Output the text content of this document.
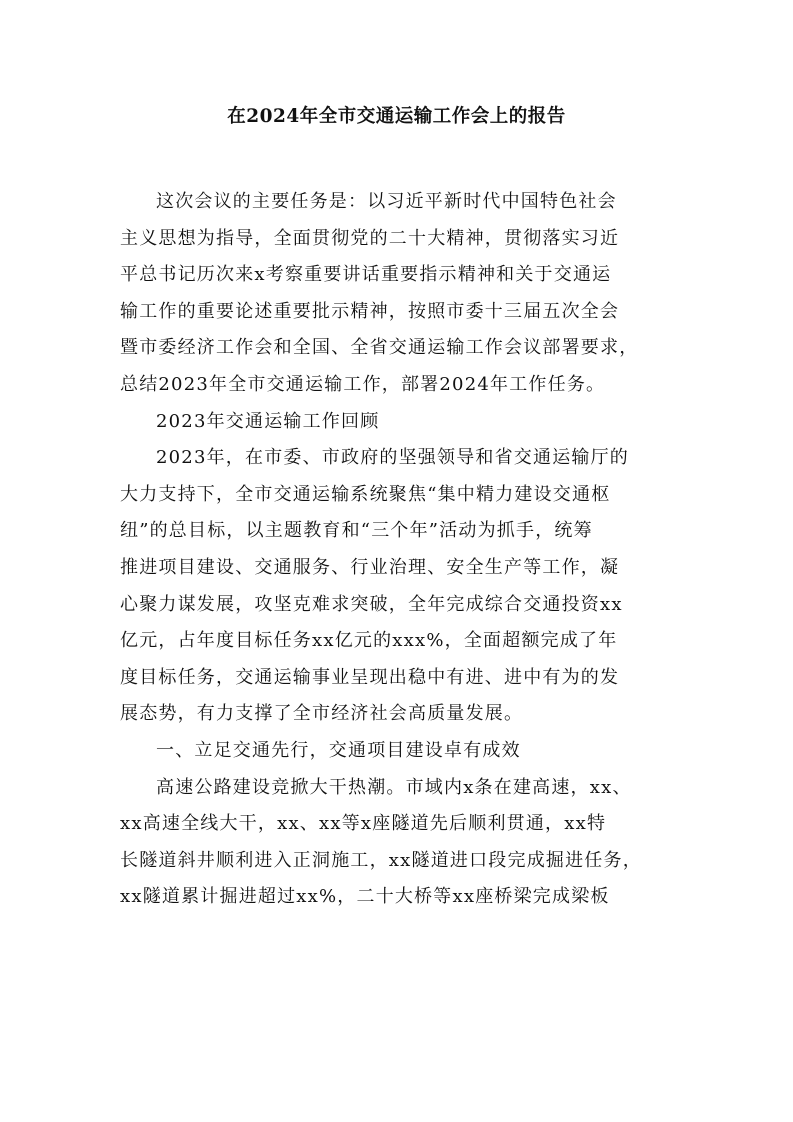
在2024年全市交通运输工作会上的报告

这次会议的主要任务是：以习近平新时代中国特色社会
主义思想为指导，全面贯彻党的二十大精神，贯彻落实习近
平总书记历次来x考察重要讲话重要指示精神和关于交通运
输工作的重要论述重要批示精神，按照市委十三届五次全会
暨市委经济工作会和全国、全省交通运输工作会议部署要求，
总结2023年全市交通运输工作，部署2024年工作任务。

2023年交通运输工作回顾

2023年，在市委、市政府的坚强领导和省交通运输厅的
大力支持下，全市交通运输系统聚焦“集中精力建设交通枢
纽”的总目标，以主题教育和“三个年”活动为抓手，统筹
推进项目建设、交通服务、行业治理、安全生产等工作，凝
心聚力谋发展，攻坚克难求突破，全年完成综合交通投资xx
亿元，占年度目标任务xx亿元的xxx%，全面超额完成了年
度目标任务，交通运输事业呈现出稳中有进、进中有为的发
展态势，有力支撑了全市经济社会高质量发展。

一、立足交通先行，交通项目建设卓有成效

高速公路建设竞掀大干热潮。市域内x条在建高速，xx、
xx高速全线大干，xx、xx等x座隧道先后顺利贯通，xx特
长隧道斜井顺利进入正洞施工，xx隧道进口段完成掘进任务，
xx隧道累计掘进超过xx%，二十大桥等xx座桥梁完成梁板
